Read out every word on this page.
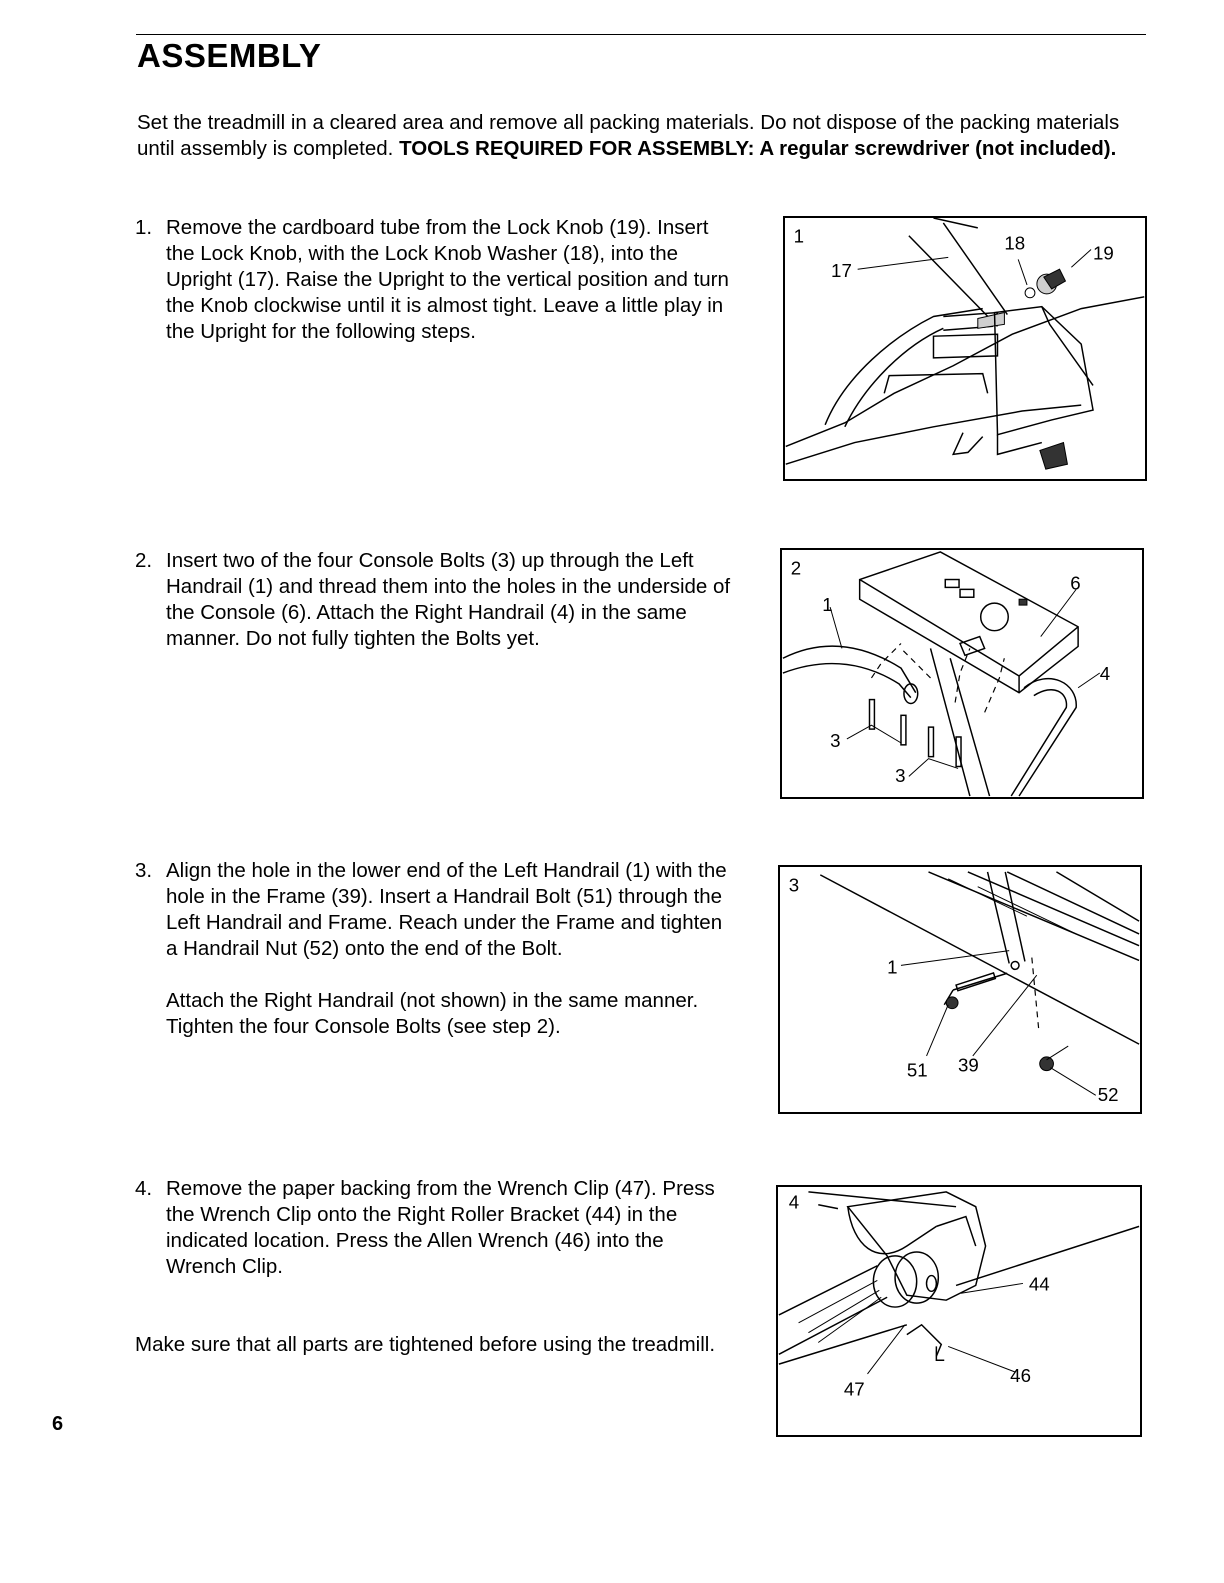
ASSEMBLY

Set the treadmill in a cleared area and remove all packing materials. Do not dispose of the packing materials until assembly is completed. TOOLS REQUIRED FOR ASSEMBLY: A regular screwdriver (not included).

1. Remove the cardboard tube from the Lock Knob (19). Insert the Lock Knob, with the Lock Knob Washer (18), into the Upright (17). Raise the Upright to the vertical position and turn the Knob clockwise until it is almost tight. Leave a little play in the Upright for the following steps.

2. Insert two of the four Console Bolts (3) up through the Left Handrail (1) and thread them into the holes in the underside of the Console (6). Attach the Right Handrail (4) in the same manner. Do not fully tighten the Bolts yet.

3. Align the hole in the lower end of the Left Handrail (1) with the hole in the Frame (39). Insert a Handrail Bolt (51) through the Left Handrail and Frame. Reach under the Frame and tighten a Handrail Nut (52) onto the end of the Bolt.

Attach the Right Handrail (not shown) in the same manner. Tighten the four Console Bolts (see step 2).

4. Remove the paper backing from the Wrench Clip (47). Press the Wrench Clip onto the Right Roller Bracket (44) in the indicated location. Press the Allen Wrench (46) into the Wrench Clip.

Make sure that all parts are tightened before using the treadmill.

6
1
17
18	19
2
6
1
4
3
3
3
1
51 39
52
4
44
46
47
